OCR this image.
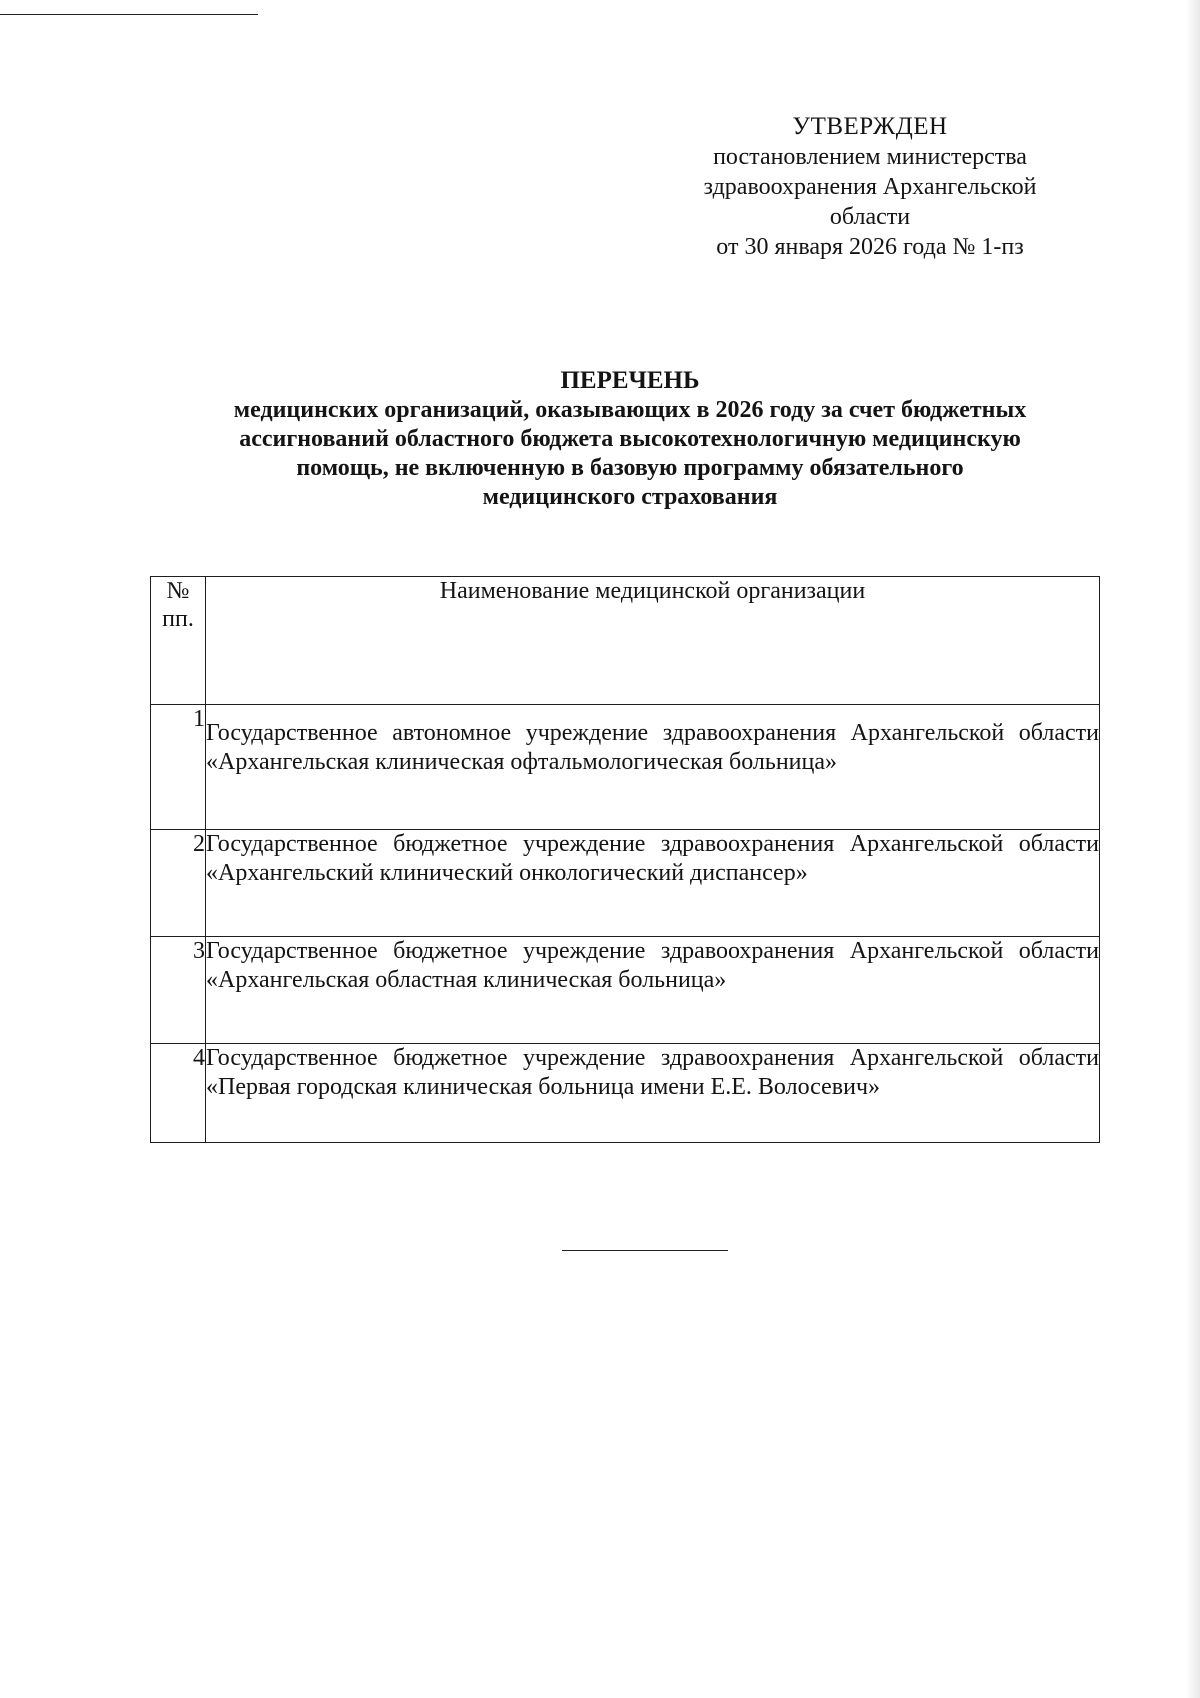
УТВЕРЖДЕН
постановлением министерства
здравоохранения Архангельской
области
от 30 января 2026 года № 1-пз
ПЕРЕЧЕНЬ
медицинских организаций, оказывающих в 2026 году за счет бюджетных
ассигнований областного бюджета высокотехнологичную медицинскую
помощь, не включенную в базовую программу обязательного
медицинского страхования
№
пп.	Наименование медицинской организации
1	Государственное автономное учреждение здравоохранения Архангельской области «Архангельская клиническая офтальмологическая больница»
2	Государственное бюджетное учреждение здравоохранения Архангельской области «Архангельский клинический онкологический диспансер»
3	Государственное бюджетное учреждение здравоохранения Архангельской области «Архангельская областная клиническая больница»
4	Государственное бюджетное учреждение здравоохранения Архангельской области «Первая городская клиническая больница имени Е.Е. Волосевич»
